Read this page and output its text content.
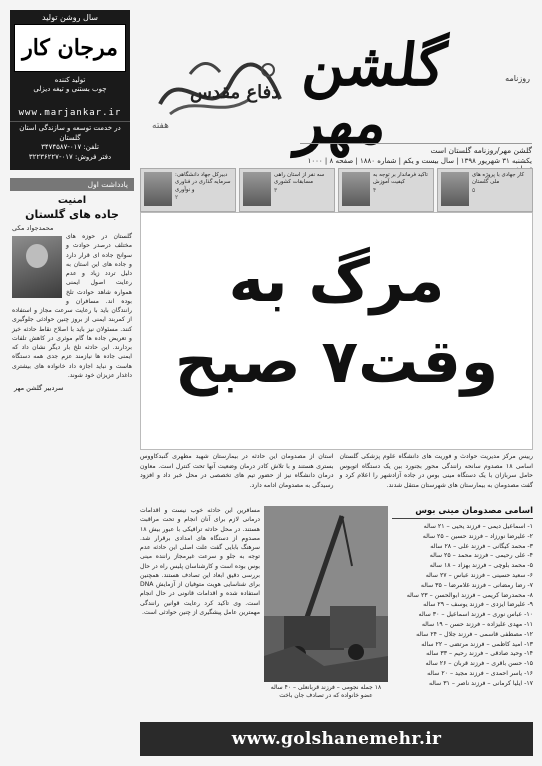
سال روشن تولید
مرجان کار
تولید کننده
چوب بستنی و تیغه دیزلی
www.marjankar.ir
در خدمت توسعه و سازندگی استان گلستان
تلفن: ۰۱۷-۳۴۷۴۵۸۷
دفتر فروش: ۰۱۷-۳۲۲۳۶۲۲۷
دفاع مقدس
هفته
روزنامه
گلشن مهر	گلشن مهر/روزنامه گلستان است
یکشنبه ۳۱ شهریور ۱۳۹۸ | سال بیست و یکم | شماره ۱۸۸۰ | صفحه ۸ | ۱۰۰۰
دبیرکل جهاد دانشگاهی: سرمایه گذاری در فناوری و نوآوری
۲
سه نفر از استان راهی مسابقات کشوری
۳
تاکید فرماندار بر توجه به کیفیت آموزش
۴
کار جهادی با پروژه های ملی گلستان
۵
یادداشت اول
امنیت
جاده های گلستان
محمدجواد مکی
گلستان در حوزه های مختلف درصدر حوادث و سوانح جاده ای قرار دارد و جاده های این استان به دلیل تردد زیاد و عدم رعایت اصول ایمنی همواره شاهد حوادث تلخ بوده اند. مسافران و رانندگان باید با رعایت سرعت مجاز و استفاده از کمربند ایمنی از بروز چنین حوادثی جلوگیری کنند. مسئولان نیز باید با اصلاح نقاط حادثه خیز و تعریض جاده ها گام موثری در کاهش تلفات بردارند. این حادثه تلخ بار دیگر نشان داد که ایمنی جاده ها نیازمند عزم جدی همه دستگاه هاست و نباید اجازه داد خانواده های بیشتری داغدار عزیزان خود شوند.
سردبیر گلشن مهر
مرگ به وقت۷ صبح

استان از مصدومان این حادثه در بیمارستان شهید مطهری گنبدکاووس بستری هستند و با تلاش کادر درمان وضعیت آنها تحت کنترل است. معاون درمان دانشگاه نیز از حضور تیم های تخصصی در محل خبر داد و افزود رسیدگی به مصدومان ادامه دارد.

رییس مرکز مدیریت حوادث و فوریت های دانشگاه علوم پزشکی گلستان اسامی ۱۸ مصدوم سانحه رانندگی محور بجنورد بین یک دستگاه اتوبوس حامل سربازان با یک دستگاه مینی بوس در جاده آزادشهر را اعلام کرد و گفت مصدومان به بیمارستان های شهرستان منتقل شدند.

مسافرین این حادثه خوب نیست و اقدامات درمانی لازم برای آنان انجام و تحت مراقبت هستند. در محل حادثه ترافیکی با عبور بیش ۱۸ مصدوم از دستگاه های امدادی برقرار شد. سرهنگ بابایی گفت علت اصلی این حادثه عدم توجه به جلو و سرعت غیرمجاز راننده مینی بوس بوده است و کارشناسان پلیس راه در حال بررسی دقیق ابعاد این تصادف هستند. همچنین برای شناسایی هویت متوفیان از آزمایش DNA استفاده شده و اقدامات قانونی در حال انجام است. وی تاکید کرد رعایت قوانین رانندگی مهمترین عامل پیشگیری از چنین حوادثی است.
۱۸ جمله نجومی – فرزند قربانعلی – ۴۰ ساله عضو خانواده که در تصادف جان باخت
اسامی مصدومان مینی بوس
۱- اسماعیل دیمی – فرزند یحیی – ۲۱ ساله
۲- علیرضا نورزاد – فرزند حسین – ۲۵ ساله
۳- محمد کیگانی – فرزند علی – ۲۸ ساله
۴- علی رحیمی – فرزند محمد – ۲۵ ساله
۵- محمد بلوچی – فرزند بهزاد – ۱۸ ساله
۶- سعید حسینی – فرزند عباس – ۲۷ ساله
۷- رضا رمضانی – فرزند غلامرضا – ۳۵ ساله
۸- محمدرضا کریمی – فرزند ابوالحسن – ۲۳ ساله
۹- علیرضا ایزدی – فرزند یوسف – ۲۹ ساله
۱۰- عباس نوری – فرزند اسماعیل – ۳۰ ساله
۱۱- مهدی علیزاده – فرزند حسن – ۱۹ ساله
۱۲- مصطفی قاسمی – فرزند جلال – ۲۴ ساله
۱۳- امید کاظمی – فرزند مرتضی – ۲۲ ساله
۱۴- وحید صادقی – فرزند رحیم – ۳۳ ساله
۱۵- حسن باقری – فرزند قربان – ۲۶ ساله
۱۶- یاسر احمدی – فرزند مجید – ۲۰ ساله
۱۷- ایلیا کرمانی – فرزند ناصر – ۳۱ ساله
www.golshanemehr.ir
